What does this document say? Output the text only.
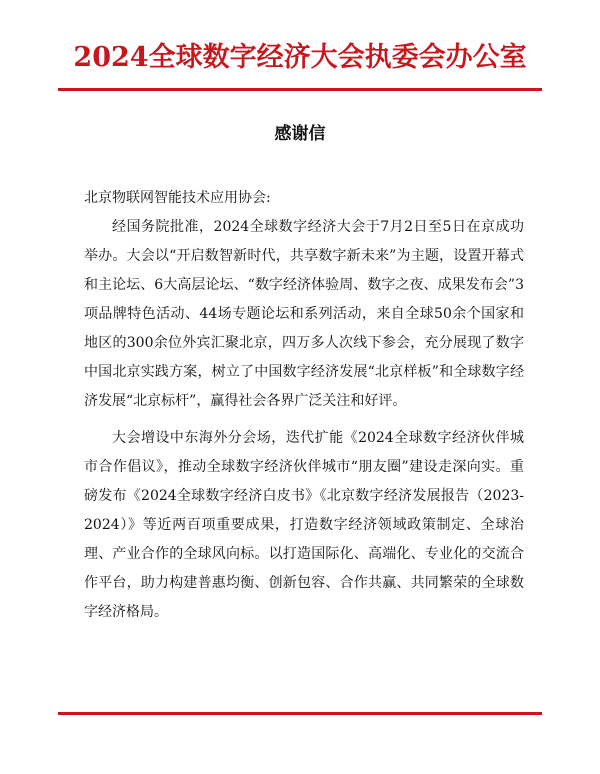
2024全球数字经济大会执委会办公室
感谢信

北京物联网智能技术应用协会:

经国务院批准，2024全球数字经济大会于7月2日至5日在京成功举办。大会以“开启数智新时代，共享数字新未来”为主题，设置开幕式和主论坛、6大高层论坛、“数字经济体验周、数字之夜、成果发布会”3项品牌特色活动、44场专题论坛和系列活动，来自全球50余个国家和地区的300余位外宾汇聚北京，四万多人次线下参会，充分展现了数字中国北京实践方案，树立了中国数字经济发展“北京样板”和全球数字经济发展“北京标杆”，赢得社会各界广泛关注和好评。

大会增设中东海外分会场，迭代扩能《2024全球数字经济伙伴城市合作倡议》，推动全球数字经济伙伴城市“朋友圈”建设走深向实。重磅发布《2024全球数字经济白皮书》《北京数字经济发展报告（2023-2024）》等近两百项重要成果，打造数字经济领域政策制定、全球治理、产业合作的全球风向标。以打造国际化、高端化、专业化的交流合作平台，助力构建普惠均衡、创新包容、合作共赢、共同繁荣的全球数字经济格局。
